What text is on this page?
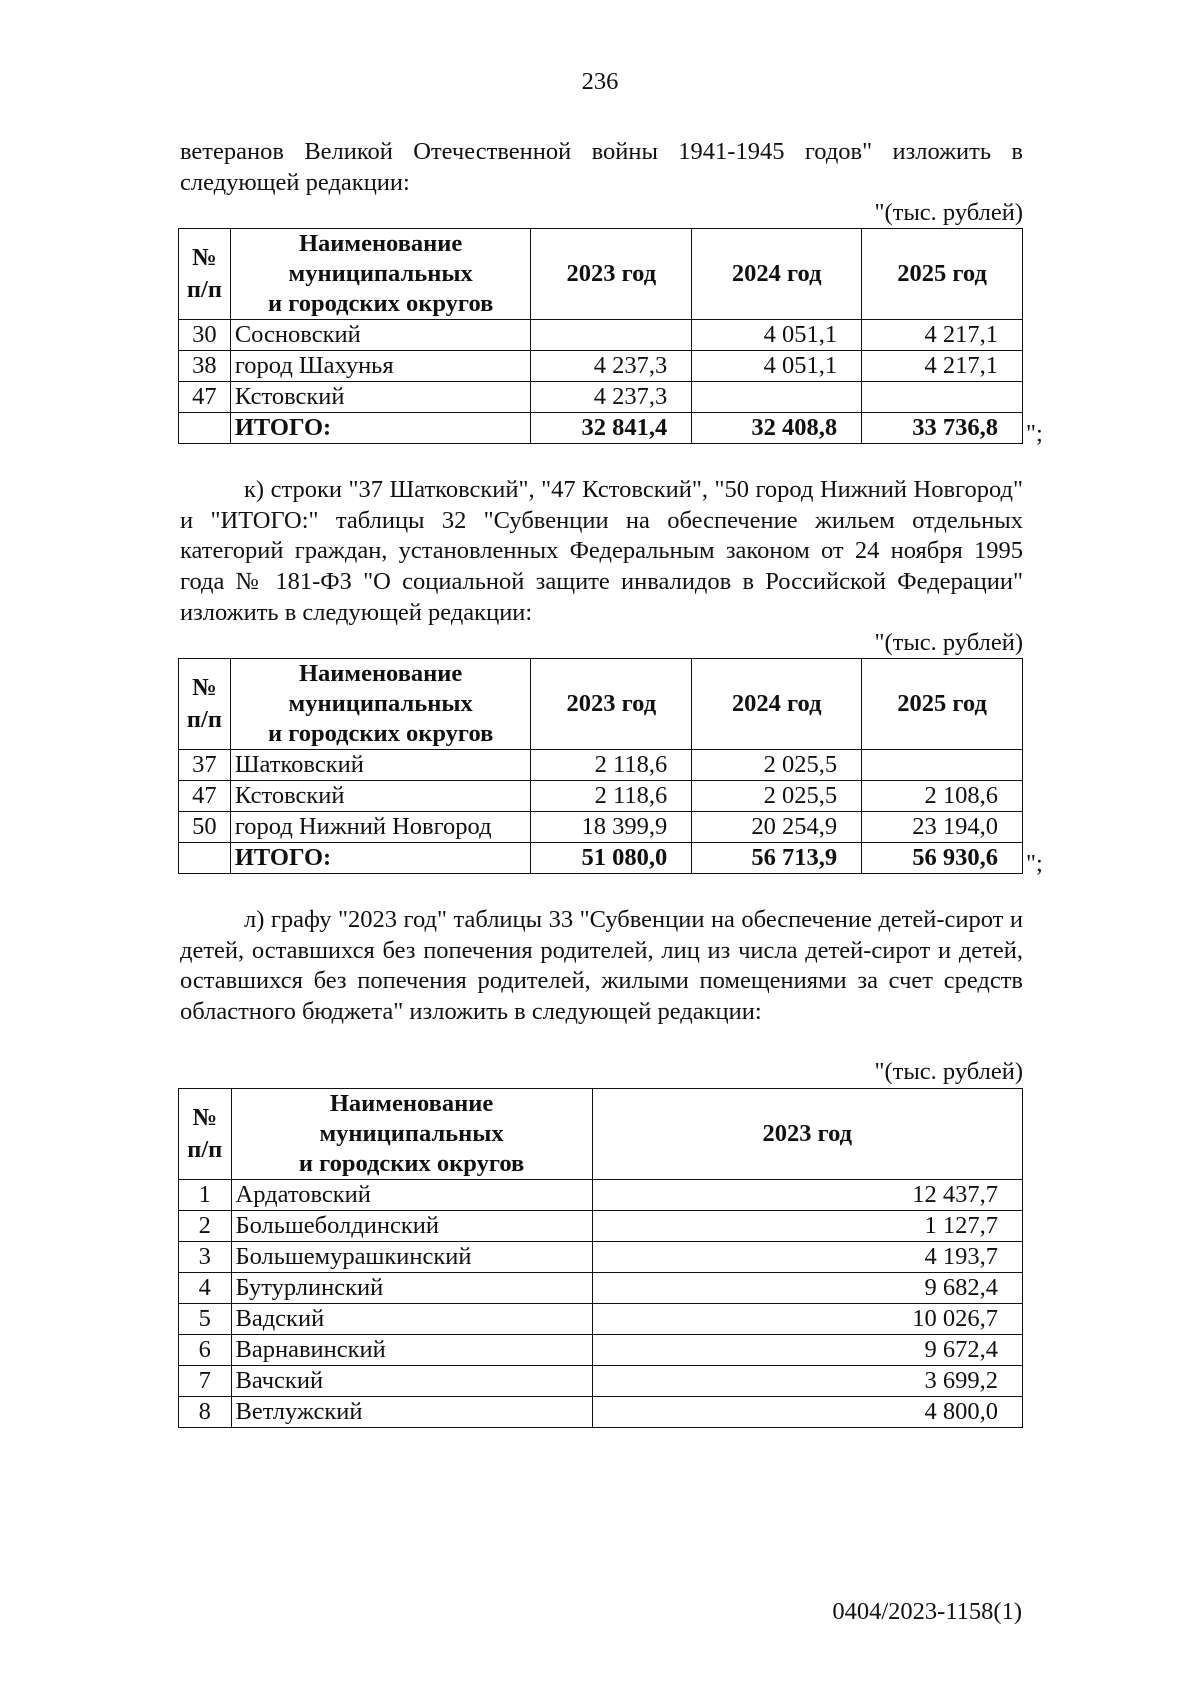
236
ветеранов Великой Отечественной войны 1941-1945 годов" изложить в следующей редакции:
"(тыс. рублей)
№ п/п	Наименование
муниципальных
и городских округов	2023 год	2024 год	2025 год
30	Сосновский		4 051,1	4 217,1
38	город Шахунья	4 237,3	4 051,1	4 217,1
47	Кстовский	4 237,3		
	ИТОГО:	32 841,4	32 408,8	33 736,8 ";
к) строки "37 Шатковский", "47 Кстовский", "50 город Нижний Новгород" и "ИТОГО:" таблицы 32 "Субвенции на обеспечение жильем отдельных категорий граждан, установленных Федеральным законом от 24 ноября 1995 года № 181-ФЗ "О социальной защите инвалидов в Российской Федерации" изложить в следующей редакции:
"(тыс. рублей)
№ п/п	Наименование
муниципальных
и городских округов	2023 год	2024 год	2025 год
37	Шатковский	2 118,6	2 025,5	
47	Кстовский	2 118,6	2 025,5	2 108,6
50	город Нижний Новгород	18 399,9	20 254,9	23 194,0
	ИТОГО:	51 080,0	56 713,9	56 930,6 ";
л) графу "2023 год" таблицы 33 "Субвенции на обеспечение детей-сирот и детей, оставшихся без попечения родителей, лиц из числа детей-сирот и детей, оставшихся без попечения родителей, жилыми помещениями за счет средств областного бюджета" изложить в следующей редакции:
"(тыс. рублей)
№ п/п	Наименование
муниципальных
и городских округов	2023 год
1	Ардатовский	12 437,7
2	Большеболдинский	1 127,7
3	Большемурашкинский	4 193,7
4	Бутурлинский	9 682,4
5	Вадский	10 026,7
6	Варнавинский	9 672,4
7	Вачский	3 699,2
8	Ветлужский	4 800,0
0404/2023-1158(1)
